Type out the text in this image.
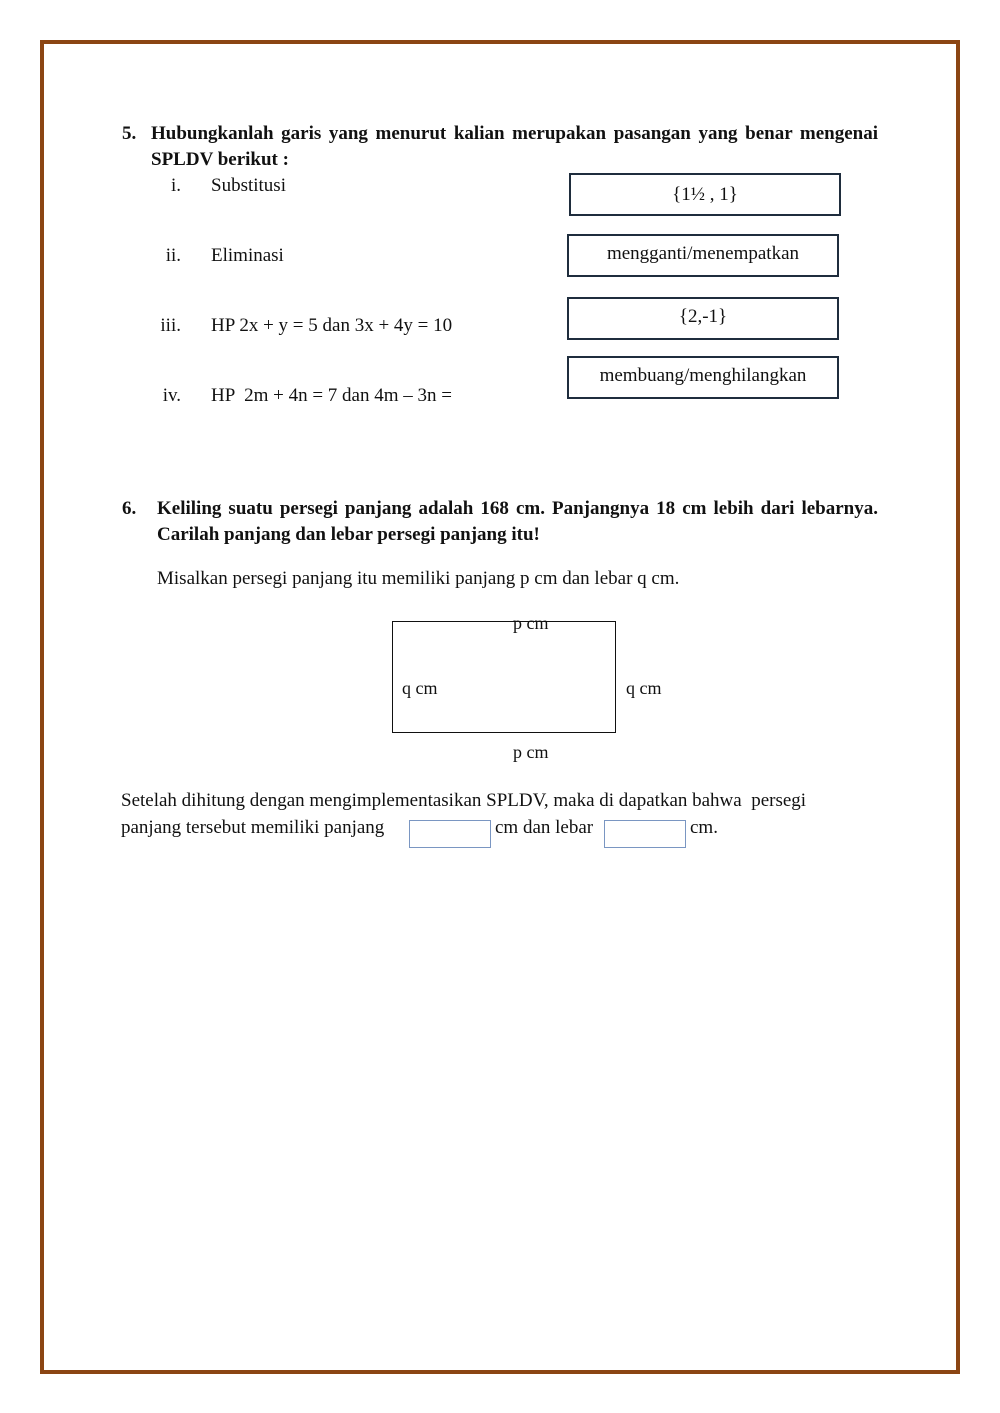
5. Hubungkanlah garis yang menurut kalian merupakan pasangan yang benar mengenai SPLDV berikut :
i. Substitusi
ii. Eliminasi
iii. HP 2x + y = 5 dan 3x + 4y = 10
iv. HP  2m + 4n = 7 dan 4m – 3n =
{1½ , 1}
mengganti/menempatkan
{2,-1}
membuang/menghilangkan
6. Keliling suatu persegi panjang adalah 168 cm. Panjangnya 18 cm lebih dari lebarnya. Carilah panjang dan lebar persegi panjang itu!
Misalkan persegi panjang itu memiliki panjang p cm dan lebar q cm.
p cm
q cm	q cm
p cm
Setelah dihitung dengan mengimplementasikan SPLDV, maka di dapatkan bahwa  persegi
panjang tersebut memiliki panjang	cm dan lebar	cm.
